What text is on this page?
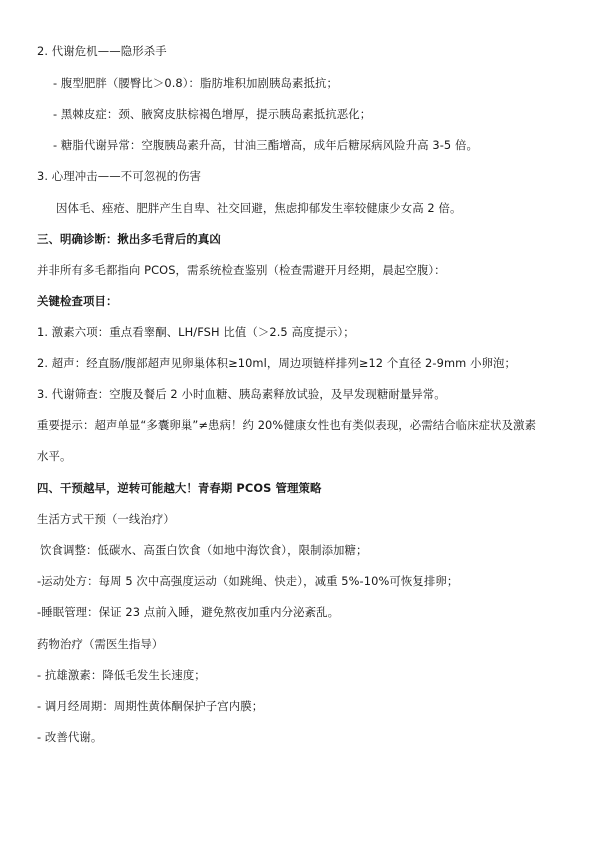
2. 代谢危机——隐形杀手
- 腹型肥胖（腰臀比＞0.8）：脂肪堆积加剧胰岛素抵抗；
- 黑棘皮症：颈、腋窝皮肤棕褐色增厚，提示胰岛素抵抗恶化；
- 糖脂代谢异常：空腹胰岛素升高，甘油三酯增高，成年后糖尿病风险升高 3-5 倍。
3. 心理冲击——不可忽视的伤害
因体毛、痤疮、肥胖产生自卑、社交回避，焦虑抑郁发生率较健康少女高 2 倍。
三、明确诊断：揪出多毛背后的真凶
并非所有多毛都指向 PCOS，需系统检查鉴别（检查需避开月经期，晨起空腹）：
关键检查项目：
1. 激素六项：重点看睾酮、LH/FSH 比值（＞2.5 高度提示）；
2. 超声：经直肠/腹部超声见卵巢体积≥10ml，周边项链样排列≥12 个直径 2-9mm 小卵泡；
3. 代谢筛查：空腹及餐后 2 小时血糖、胰岛素释放试验，及早发现糖耐量异常。
重要提示：超声单显“多囊卵巢”≠患病！约 20%健康女性也有类似表现，必需结合临床症状及激素
水平。
四、干预越早，逆转可能越大！青春期 PCOS 管理策略
生活方式干预（一线治疗）
饮食调整：低碳水、高蛋白饮食（如地中海饮食），限制添加糖；
-运动处方：每周 5 次中高强度运动（如跳绳、快走），减重 5%-10%可恢复排卵；
-睡眠管理：保证 23 点前入睡，避免熬夜加重内分泌紊乱。
药物治疗（需医生指导）
- 抗雄激素：降低毛发生长速度；
- 调月经周期：周期性黄体酮保护子宫内膜；
- 改善代谢。
